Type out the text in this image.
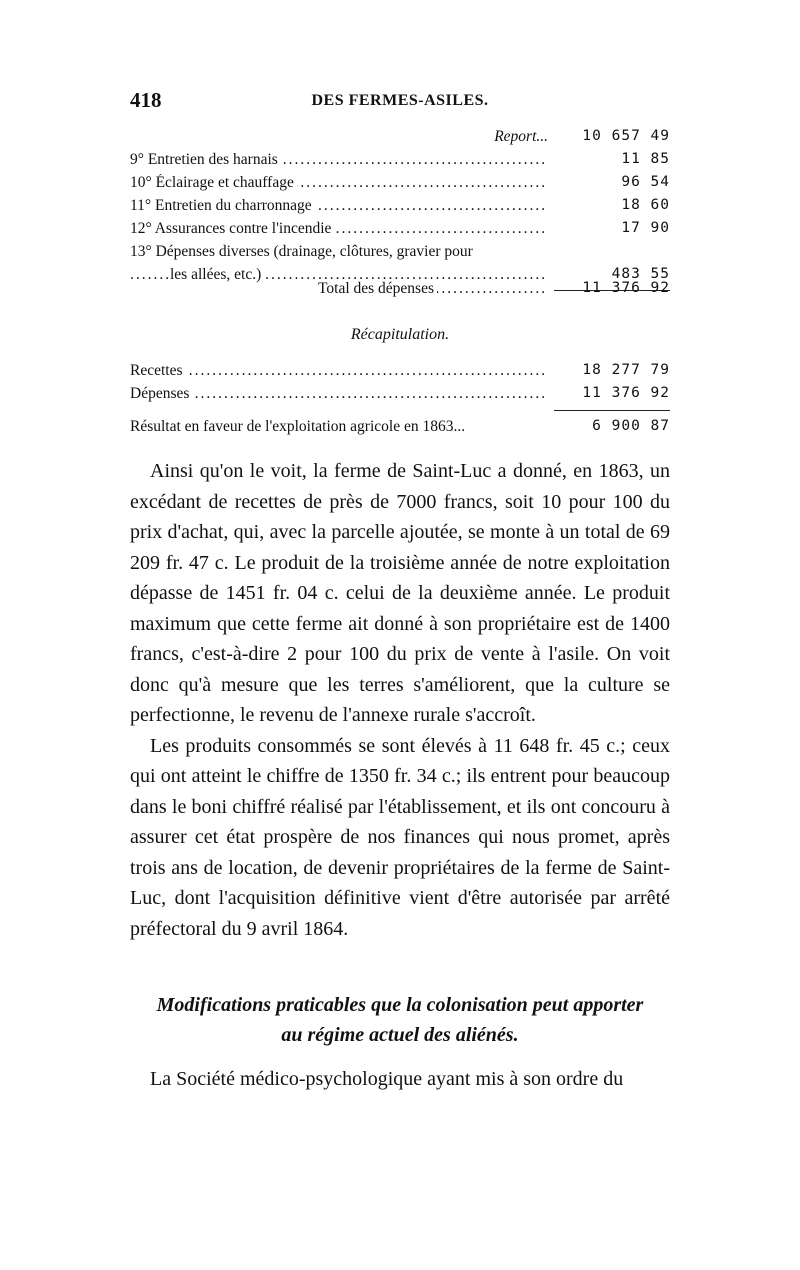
418	DES FERMES-ASILES.
Report...	10 657 49
9° Entretien des harnais .....	11 85
10° Éclairage et chauffage .....	96 54
11° Entretien du charronnage .....	18 60
12° Assurances contre l'incendie .....	17 90
13° Dépenses diverses (drainage, clôtures, gravier pour
les allées, etc.) .....	483 55
Total des dépenses .....	11 376 92
Récapitulation.
Recettes .....	18 277 79
Dépenses .....	11 376 92
Résultat en faveur de l'exploitation agricole en 1863...	6 900 87

Ainsi qu'on le voit, la ferme de Saint-Luc a donné, en 1863, un excédant de recettes de près de 7000 francs, soit 10 pour 100 du prix d'achat, qui, avec la parcelle ajoutée, se monte à un total de 69 209 fr. 47 c. Le produit de la troisième année de notre exploitation dépasse de 1451 fr. 04 c. celui de la deuxième année. Le produit maximum que cette ferme ait donné à son propriétaire est de 1400 francs, c'est-à-dire 2 pour 100 du prix de vente à l'asile. On voit donc qu'à mesure que les terres s'améliorent, que la culture se perfectionne, le revenu de l'annexe rurale s'accroît.

Les produits consommés se sont élevés à 11 648 fr. 45 c.; ceux qui ont atteint le chiffre de 1350 fr. 34 c.; ils entrent pour beaucoup dans le boni chiffré réalisé par l'établissement, et ils ont concouru à assurer cet état prospère de nos finances qui nous promet, après trois ans de location, de devenir propriétaires de la ferme de Saint-Luc, dont l'acquisition définitive vient d'être autorisée par arrêté préfectoral du 9 avril 1864.

Modifications praticables que la colonisation peut apporter
au régime actuel des aliénés.

La Société médico-psychologique ayant mis à son ordre du
